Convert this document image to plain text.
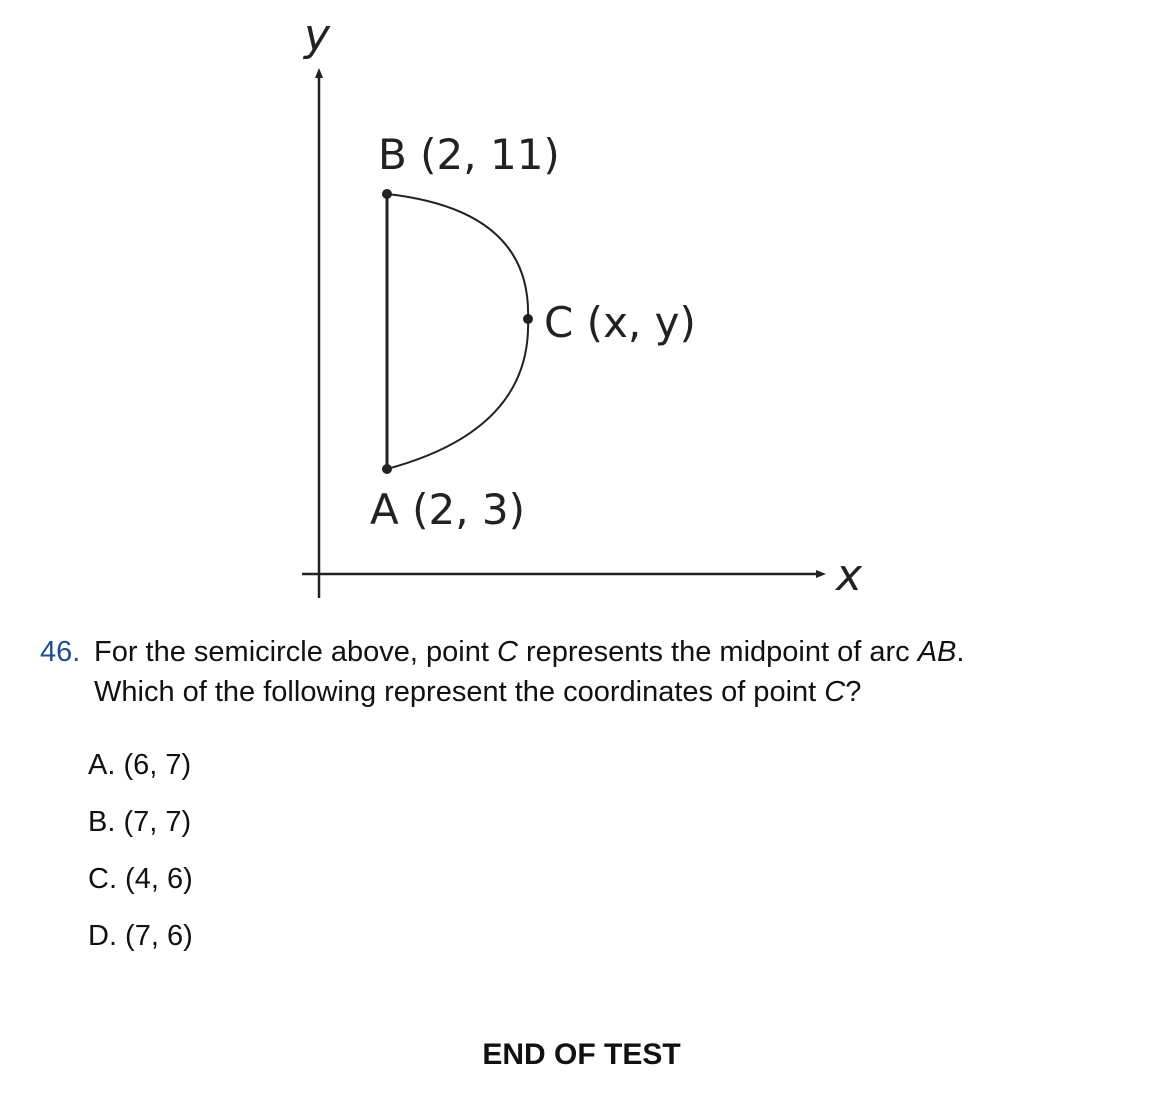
y
x
B (2, 11)
C (x, y)
A (2, 3)
46. For the semicircle above, point C represents the midpoint of arc AB.
Which of the following represent the coordinates of point C?
A. (6, 7)
B. (7, 7)
C. (4, 6)
D. (7, 6)
END OF TEST
